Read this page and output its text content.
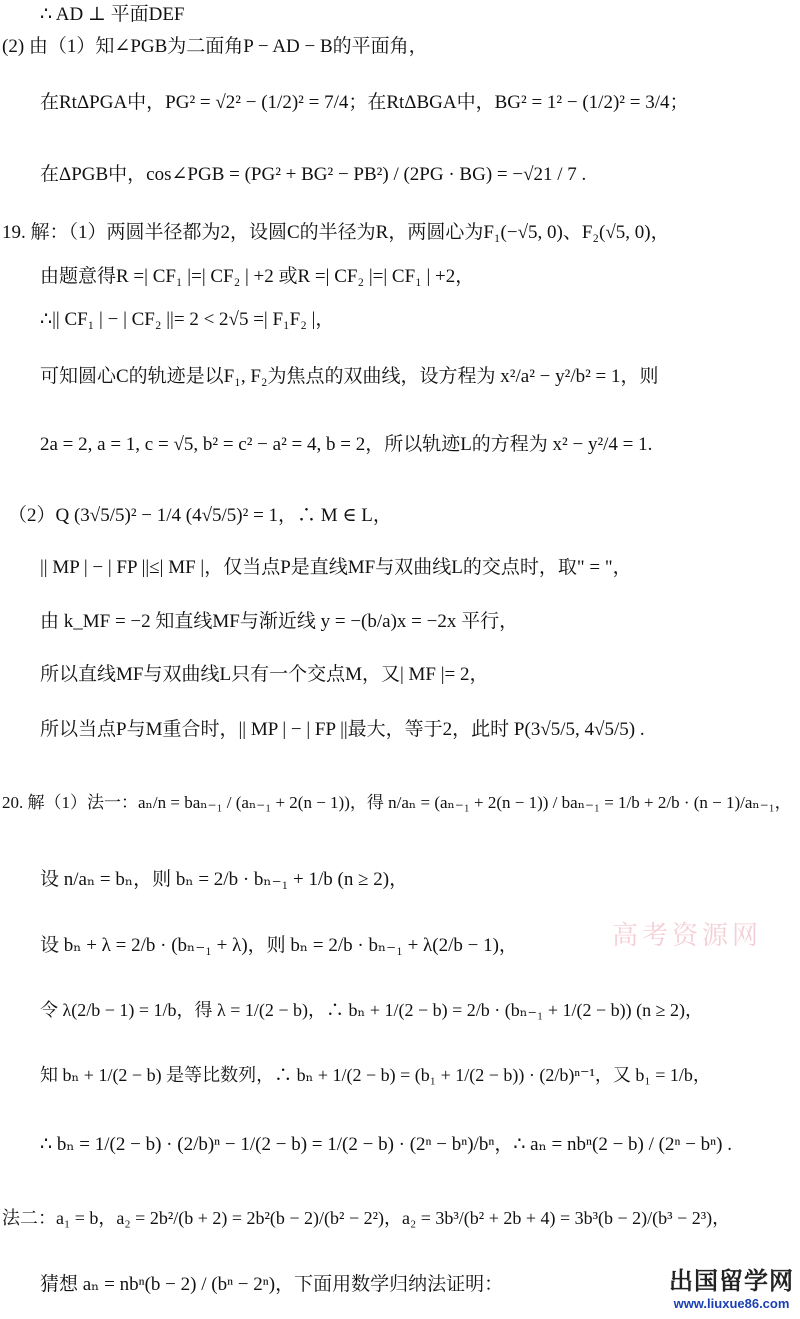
∴ AD ⊥ 平面DEF
(2) 由（1）知∠PGB为二面角P − AD − B的平面角，
在RtΔPGA中，PG² = √2² − (1/2)² = 7/4；在RtΔBGA中，BG² = 1² − (1/2)² = 3/4；
在ΔPGB中，cos∠PGB = (PG² + BG² − PB²) / (2PG · BG) = −√21 / 7 .
19. 解：（1）两圆半径都为2，设圆C的半径为R，两圆心为F₁(−√5, 0)、F₂(√5, 0)，
由题意得R =| CF₁ |=| CF₂ | +2 或R =| CF₂ |=| CF₁ | +2，
∴|| CF₁ | − | CF₂ ||= 2 < 2√5 =| F₁F₂ |，
可知圆心C的轨迹是以F₁, F₂为焦点的双曲线，设方程为 x²/a² − y²/b² = 1，则
2a = 2, a = 1, c = √5, b² = c² − a² = 4, b = 2，所以轨迹L的方程为 x² − y²/4 = 1.
（2）Q (3√5/5)² − 1/4 (4√5/5)² = 1，∴ M ∈ L，
|| MP | − | FP ||≤| MF |，仅当点P是直线MF与双曲线L的交点时，取" = "，
由 k_MF = −2 知直线MF与渐近线 y = −(b/a)x = −2x 平行，
所以直线MF与双曲线L只有一个交点M，又| MF |= 2，
所以当点P与M重合时，|| MP | − | FP ||最大，等于2，此时 P(3√5/5, 4√5/5) .
20. 解（1）法一：aₙ/n = baₙ₋₁ / (aₙ₋₁ + 2(n − 1))，得 n/aₙ = (aₙ₋₁ + 2(n − 1)) / baₙ₋₁ = 1/b + 2/b · (n − 1)/aₙ₋₁，
设 n/aₙ = bₙ，则 bₙ = 2/b · bₙ₋₁ + 1/b (n ≥ 2)，
设 bₙ + λ = 2/b · (bₙ₋₁ + λ)，则 bₙ = 2/b · bₙ₋₁ + λ(2/b − 1)，
令 λ(2/b − 1) = 1/b，得 λ = 1/(2 − b)，∴ bₙ + 1/(2 − b) = 2/b · (bₙ₋₁ + 1/(2 − b)) (n ≥ 2)，
知 bₙ + 1/(2 − b) 是等比数列，∴ bₙ + 1/(2 − b) = (b₁ + 1/(2 − b)) · (2/b)ⁿ⁻¹，又 b₁ = 1/b，
∴ bₙ = 1/(2 − b) · (2/b)ⁿ − 1/(2 − b) = 1/(2 − b) · (2ⁿ − bⁿ)/bⁿ，∴ aₙ = nbⁿ(2 − b) / (2ⁿ − bⁿ) .
法二：a₁ = b，a₂ = 2b²/(b + 2) = 2b²(b − 2)/(b² − 2²)，a₂ = 3b³/(b² + 2b + 4) = 3b³(b − 2)/(b³ − 2³)，
猜想 aₙ = nbⁿ(b − 2) / (bⁿ − 2ⁿ)，下面用数学归纳法证明：
高考资源网
出国留学网
www.liuxue86.com
